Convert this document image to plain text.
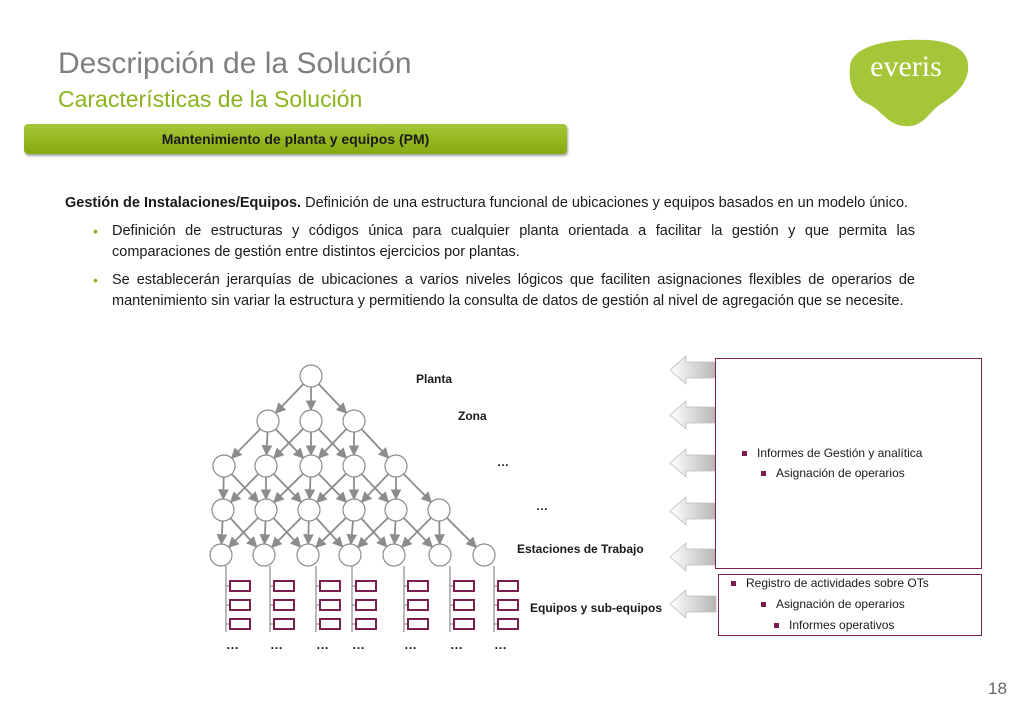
Descripción de la Solución
Características de la Solución
everis
Mantenimiento de planta y equipos (PM)

Gestión de Instalaciones/Equipos. Definición de una estructura funcional de ubicaciones y equipos basados en un modelo único.

• Definición de estructuras y códigos única para cualquier planta orientada a facilitar la gestión y que permita las comparaciones de gestión entre distintos ejercicios por plantas.
• Se establecerán jerarquías de ubicaciones a varios niveles lógicos que faciliten asignaciones flexibles de operarios de mantenimiento sin variar la estructura y permitiendo la consulta de datos de gestión al nivel de agregación que se necesite.
Planta
Zona
…
…
Estaciones de Trabajo
Equipos y sub-equipos
… … … …	… … …
Informes de Gestión y analítica
Asignación de operarios
Registro de actividades sobre OTs
Asignación de operarios
Informes operativos
18
